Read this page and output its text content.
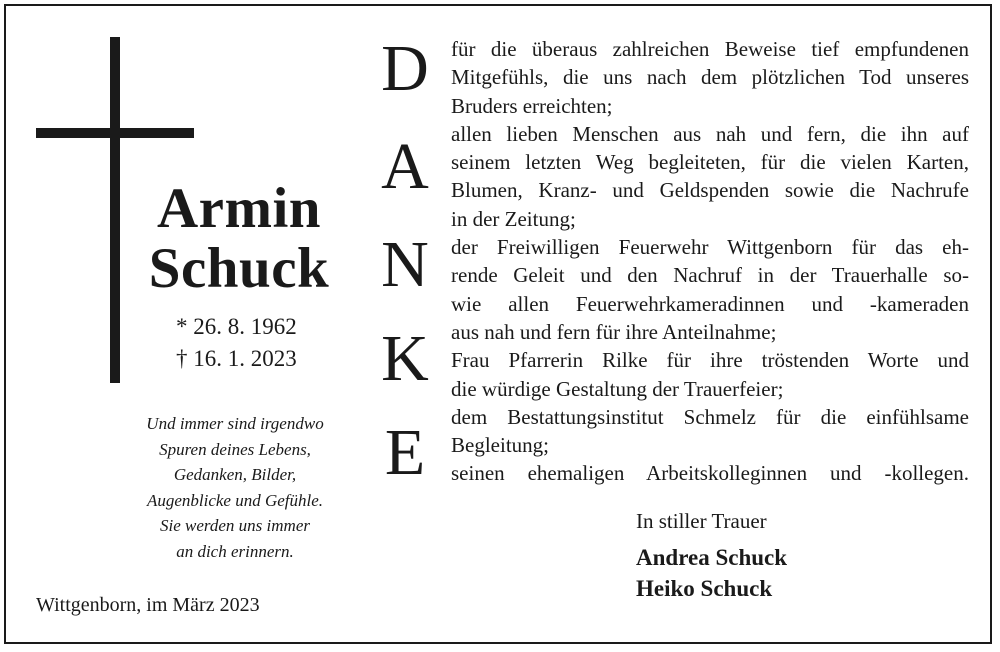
Armin
Schuck
* 26. 8. 1962
† 16. 1. 2023
Und immer sind irgendwo
Spuren deines Lebens,
Gedanken, Bilder,
Augenblicke und Gefühle.
Sie werden uns immer
an dich erinnern.
Wittgenborn, im März 2023
D
A
N
K
E
für die überaus zahlreichen Beweise tief empfundenen
Mitgefühls, die uns nach dem plötzlichen Tod unseres
Bruders erreichten;
allen lieben Menschen aus nah und fern, die ihn auf
seinem letzten Weg begleiteten, für die vielen Karten,
Blumen, Kranz- und Geldspenden sowie die Nachrufe
in der Zeitung;
der Freiwilligen Feuerwehr Wittgenborn für das eh-
rende Geleit und den Nachruf in der Trauerhalle so-
wie allen Feuerwehrkameradinnen und -kameraden
aus nah und fern für ihre Anteilnahme;
Frau Pfarrerin Rilke für ihre tröstenden Worte und
die würdige Gestaltung der Trauerfeier;
dem Bestattungsinstitut Schmelz für die einfühlsame
Begleitung;
seinen ehemaligen Arbeitskolleginnen und -kollegen.
In stiller Trauer
Andrea Schuck
Heiko Schuck
